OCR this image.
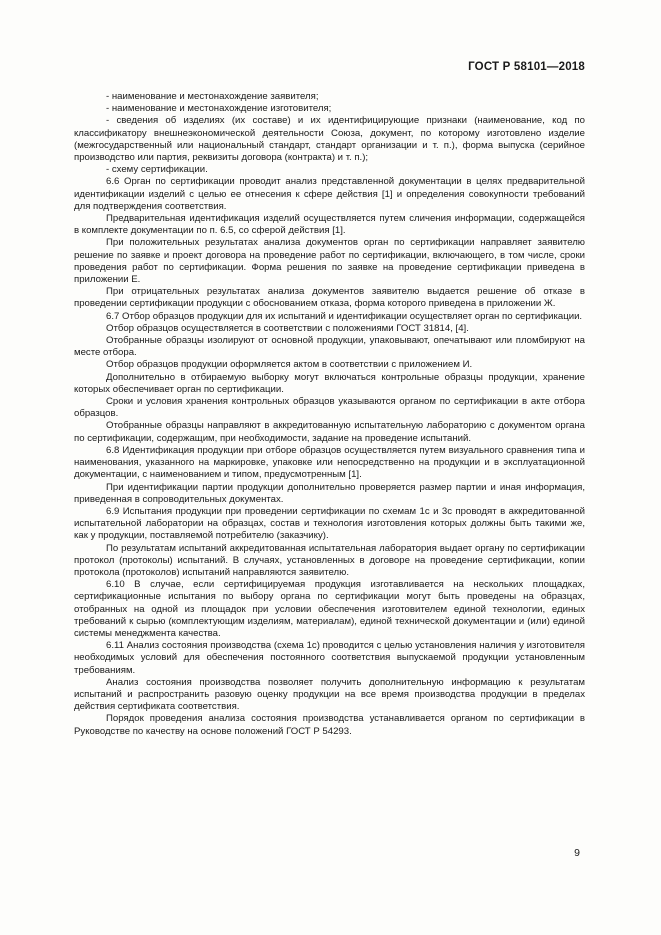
ГОСТ Р 58101—2018

- наименование и местонахождение заявителя;

- наименование и местонахождение изготовителя;

- сведения об изделиях (их составе) и их идентифицирующие признаки (наименование, код по классификатору внешнеэкономической деятельности Союза, документ, по которому изготовлено изделие (межгосударственный или национальный стандарт, стандарт организации и т. п.), форма выпуска (серийное производство или партия, реквизиты договора (контракта) и т. п.);

- схему сертификации.

6.6 Орган по сертификации проводит анализ представленной документации в целях предварительной идентификации изделий с целью ее отнесения к сфере действия [1] и определения совокупности требований для подтверждения соответствия.

Предварительная идентификация изделий осуществляется путем сличения информации, содержащейся в комплекте документации по п. 6.5, со сферой действия [1].

При положительных результатах анализа документов орган по сертификации направляет заявителю решение по заявке и проект договора на проведение работ по сертификации, включающего, в том числе, сроки проведения работ по сертификации. Форма решения по заявке на проведение сертификации приведена в приложении Е.

При отрицательных результатах анализа документов заявителю выдается решение об отказе в проведении сертификации продукции с обоснованием отказа, форма которого приведена в приложении Ж.

6.7 Отбор образцов продукции для их испытаний и идентификации осуществляет орган по сертификации.

Отбор образцов осуществляется в соответствии с положениями ГОСТ 31814, [4].

Отобранные образцы изолируют от основной продукции, упаковывают, опечатывают или пломбируют на месте отбора.

Отбор образцов продукции оформляется актом в соответствии с приложением И.

Дополнительно в отбираемую выборку могут включаться контрольные образцы продукции, хранение которых обеспечивает орган по сертификации.

Сроки и условия хранения контрольных образцов указываются органом по сертификации в акте отбора образцов.

Отобранные образцы направляют в аккредитованную испытательную лабораторию с документом органа по сертификации, содержащим, при необходимости, задание на проведение испытаний.

6.8 Идентификация продукции при отборе образцов осуществляется путем визуального сравнения типа и наименования, указанного на маркировке, упаковке или непосредственно на продукции и в эксплуатационной документации, с наименованием и типом, предусмотренным [1].

При идентификации партии продукции дополнительно проверяется размер партии и иная информация, приведенная в сопроводительных документах.

6.9 Испытания продукции при проведении сертификации по схемам 1с и 3с проводят в аккредитованной испытательной лаборатории на образцах, состав и технология изготовления которых должны быть такими же, как у продукции, поставляемой потребителю (заказчику).

По результатам испытаний аккредитованная испытательная лаборатория выдает органу по сертификации протокол (протоколы) испытаний. В случаях, установленных в договоре на проведение сертификации, копии протокола (протоколов) испытаний направляются заявителю.

6.10 В случае, если сертифицируемая продукция изготавливается на нескольких площадках, сертификационные испытания по выбору органа по сертификации могут быть проведены на образцах, отобранных на одной из площадок при условии обеспечения изготовителем единой технологии, единых требований к сырью (комплектующим изделиям, материалам), единой технической документации и (или) единой системы менеджмента качества.

6.11 Анализ состояния производства (схема 1с) проводится с целью установления наличия у изготовителя необходимых условий для обеспечения постоянного соответствия выпускаемой продукции установленным требованиям.

Анализ состояния производства позволяет получить дополнительную информацию к результатам испытаний и распространить разовую оценку продукции на все время производства продукции в пределах действия сертификата соответствия.

Порядок проведения анализа состояния производства устанавливается органом по сертификации в Руководстве по качеству на основе положений ГОСТ Р 54293.

9
